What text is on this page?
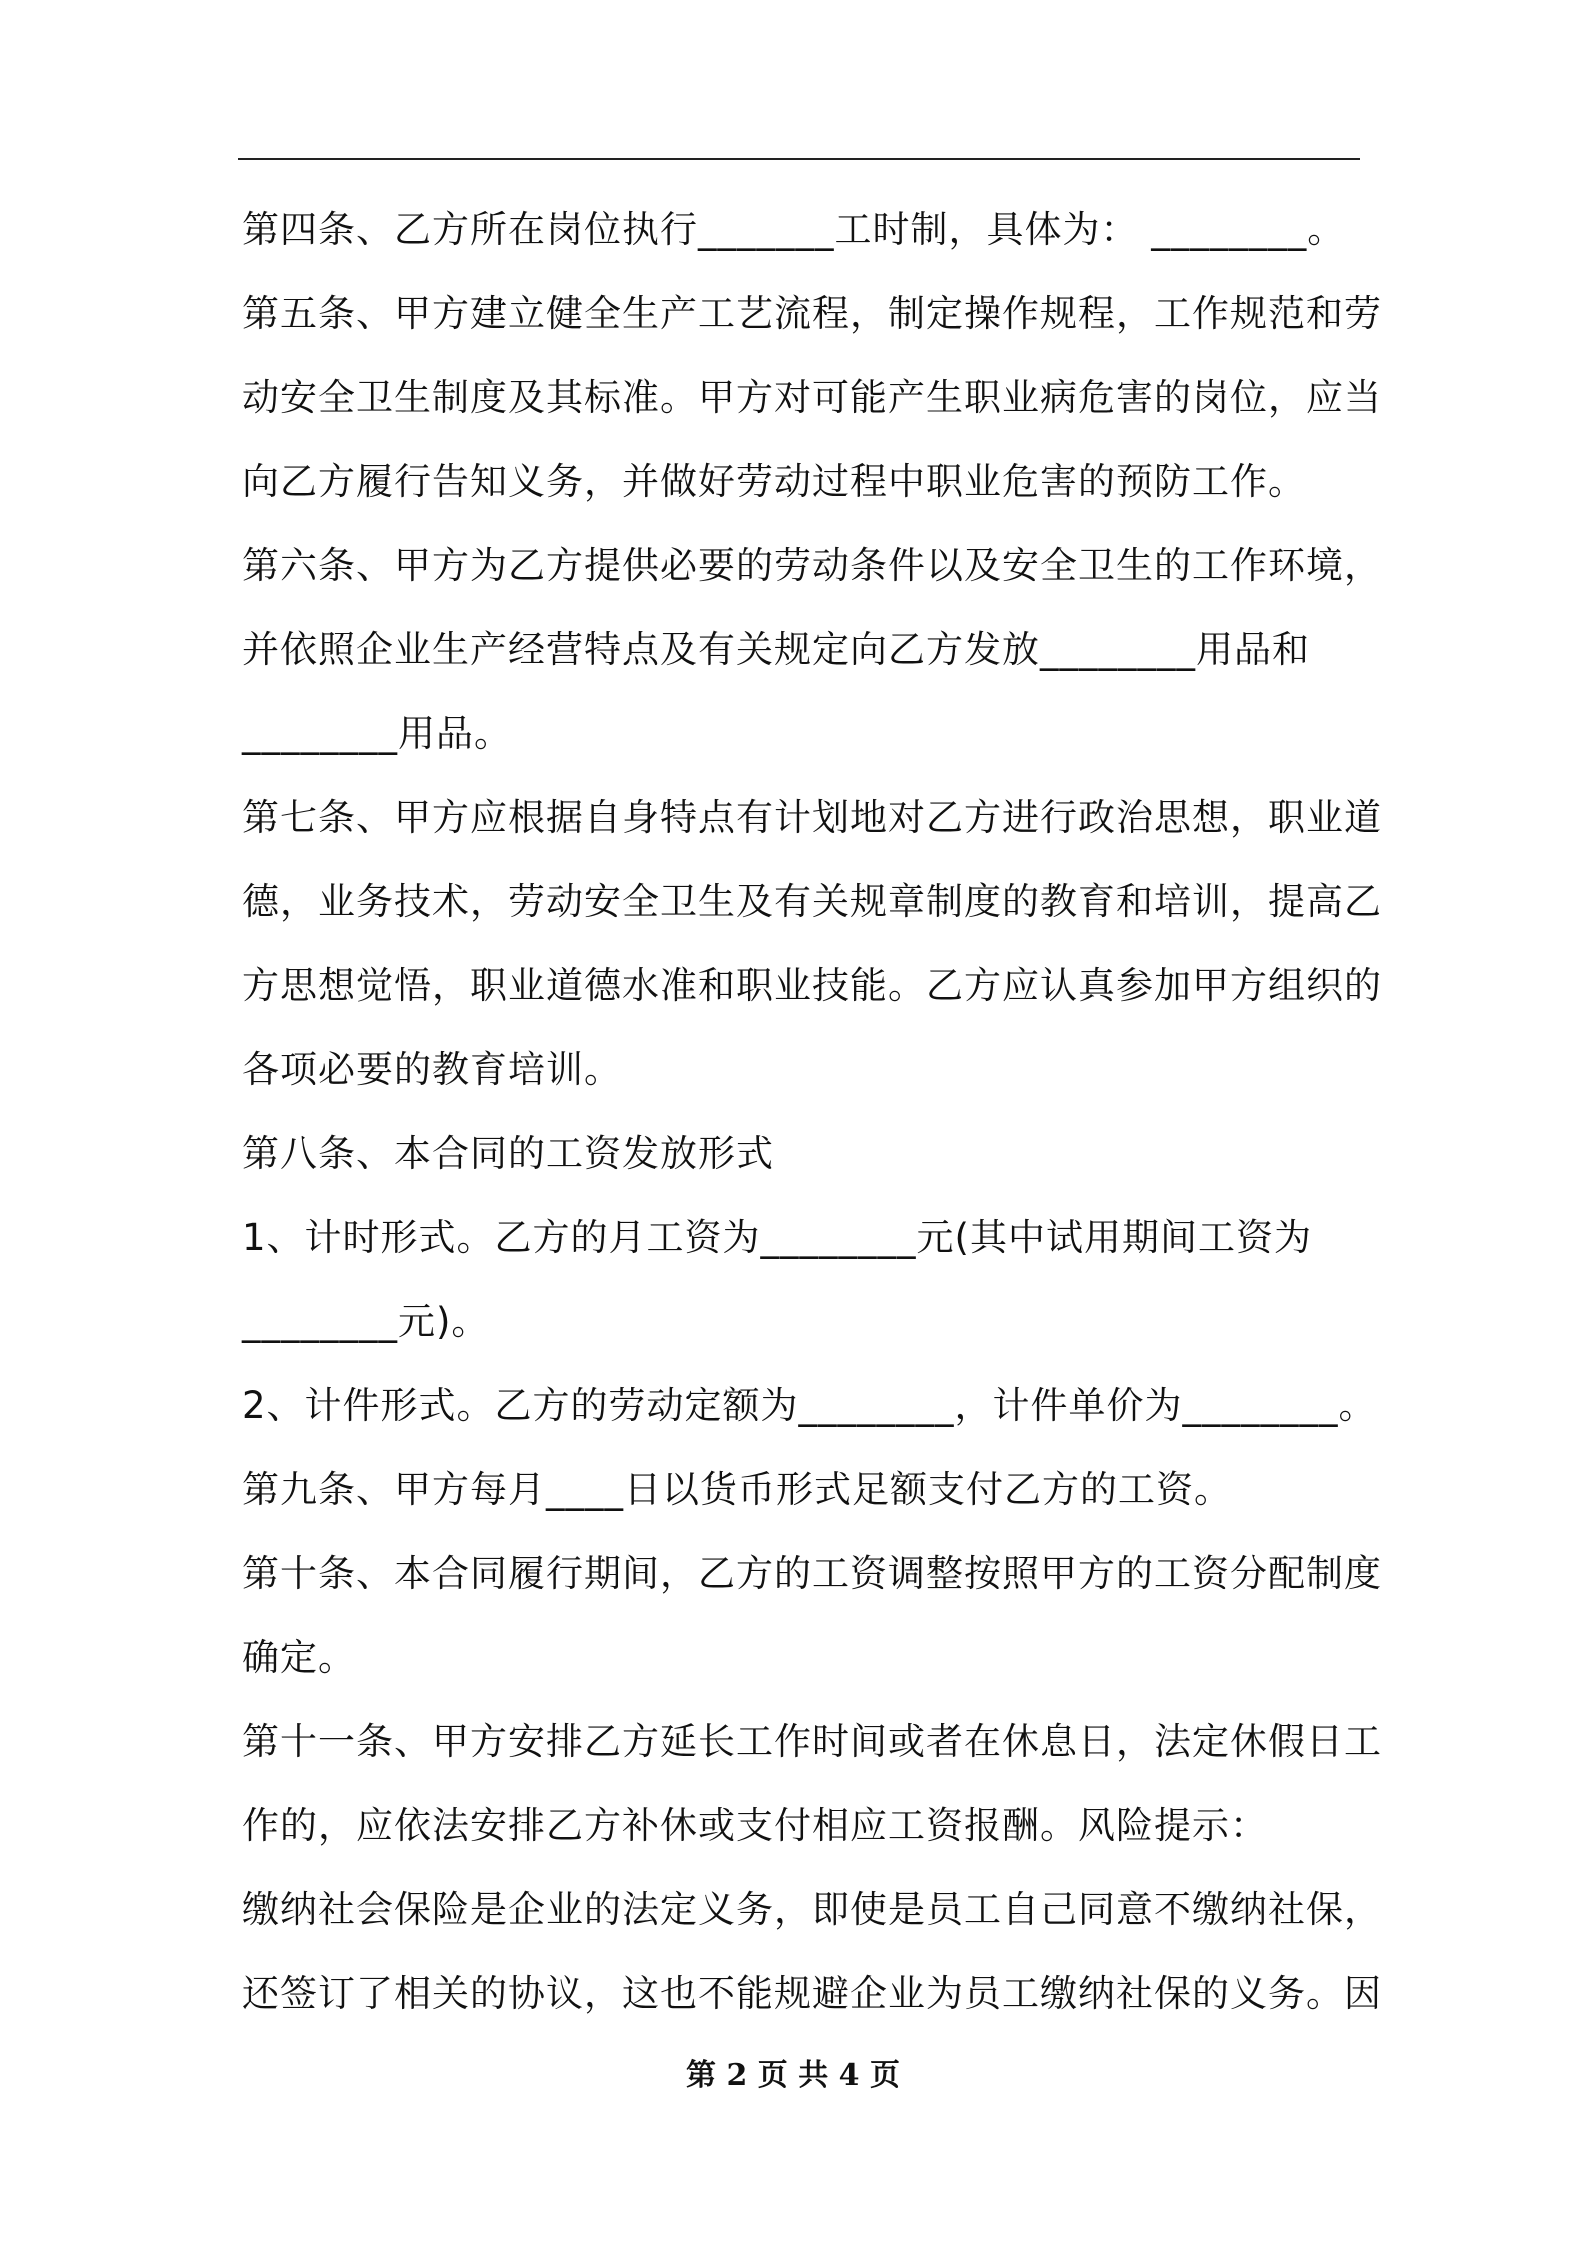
第四条、乙方所在岗位执行_______工时制，具体为： ________。

第五条、甲方建立健全生产工艺流程，制定操作规程，工作规范和劳

动安全卫生制度及其标准。甲方对可能产生职业病危害的岗位，应当

向乙方履行告知义务，并做好劳动过程中职业危害的预防工作。

第六条、甲方为乙方提供必要的劳动条件以及安全卫生的工作环境，

并依照企业生产经营特点及有关规定向乙方发放________用品和

________用品。

第七条、甲方应根据自身特点有计划地对乙方进行政治思想，职业道

德，业务技术，劳动安全卫生及有关规章制度的教育和培训，提高乙

方思想觉悟，职业道德水准和职业技能。乙方应认真参加甲方组织的

各项必要的教育培训。

第八条、本合同的工资发放形式

1、计时形式。乙方的月工资为________元(其中试用期间工资为

________元)。

2、计件形式。乙方的劳动定额为________，计件单价为________。

第九条、甲方每月____日以货币形式足额支付乙方的工资。

第十条、本合同履行期间，乙方的工资调整按照甲方的工资分配制度

确定。

第十一条、甲方安排乙方延长工作时间或者在休息日，法定休假日工

作的，应依法安排乙方补休或支付相应工资报酬。风险提示：

缴纳社会保险是企业的法定义务，即使是员工自己同意不缴纳社保，

还签订了相关的协议，这也不能规避企业为员工缴纳社保的义务。因

第 2 页 共 4 页
